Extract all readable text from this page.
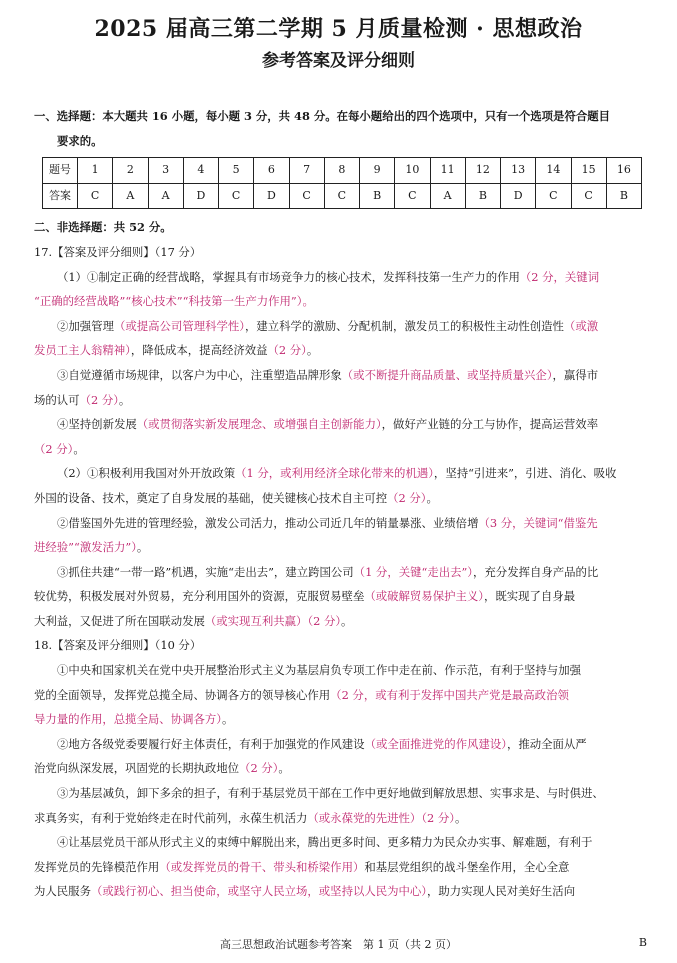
2025 届高三第二学期 5 月质量检测 · 思想政治
参考答案及评分细则

一、选择题：本大题共 16 小题，每小题 3 分，共 48 分。在每小题给出的四个选项中，只有一个选项是符合题目

要求的。

题号	1	2	3	4	5	6	7	8	9	10	11	12	13	14	15	16
答案	C	A	A	D	C	D	C	C	B	C	A	B	D	C	C	B

二、非选择题：共 52 分。

17.【答案及评分细则】（17 分）

（1）①制定正确的经营战略，掌握具有市场竞争力的核心技术，发挥科技第一生产力的作用（2 分，关键词

“正确的经营战略”“核心技术”“科技第一生产力作用”）。

②加强管理（或提高公司管理科学性），建立科学的激励、分配机制，激发员工的积极性主动性创造性（或激

发员工主人翁精神），降低成本，提高经济效益（2 分）。

③自觉遵循市场规律，以客户为中心，注重塑造品牌形象（或不断提升商品质量、或坚持质量兴企），赢得市

场的认可（2 分）。

④坚持创新发展（或贯彻落实新发展理念、或增强自主创新能力），做好产业链的分工与协作，提高运营效率

（2 分）。

（2）①积极利用我国对外开放政策（1 分，或利用经济全球化带来的机遇），坚持“引进来”，引进、消化、吸收

外国的设备、技术，奠定了自身发展的基础，使关键核心技术自主可控（2 分）。

②借鉴国外先进的管理经验，激发公司活力，推动公司近几年的销量暴涨、业绩倍增（3 分，关键词“借鉴先

进经验”“激发活力”）。

③抓住共建“一带一路”机遇，实施“走出去”，建立跨国公司（1 分，关键“走出去”），充分发挥自身产品的比

较优势，积极发展对外贸易，充分利用国外的资源，克服贸易壁垒（或破解贸易保护主义），既实现了自身最

大利益，又促进了所在国联动发展（或实现互利共赢）（2 分）。

18.【答案及评分细则】（10 分）

①中央和国家机关在党中央开展整治形式主义为基层肩负专项工作中走在前、作示范，有利于坚持与加强

党的全面领导，发挥党总揽全局、协调各方的领导核心作用（2 分，或有利于发挥中国共产党是最高政治领

导力量的作用，总揽全局、协调各方）。

②地方各级党委要履行好主体责任，有利于加强党的作风建设（或全面推进党的作风建设），推动全面从严

治党向纵深发展，巩固党的长期执政地位（2 分）。

③为基层减负，卸下多余的担子，有利于基层党员干部在工作中更好地做到解放思想、实事求是、与时俱进、

求真务实，有利于党始终走在时代前列，永葆生机活力（或永葆党的先进性）（2 分）。

④让基层党员干部从形式主义的束缚中解脱出来，腾出更多时间、更多精力为民众办实事、解难题，有利于

发挥党员的先锋模范作用（或发挥党员的骨干、带头和桥梁作用）和基层党组织的战斗堡垒作用，全心全意

为人民服务（或践行初心、担当使命，或坚守人民立场，或坚持以人民为中心），助力实现人民对美好生活向

高三思想政治试题参考答案　第 1 页（共 2 页）	B
